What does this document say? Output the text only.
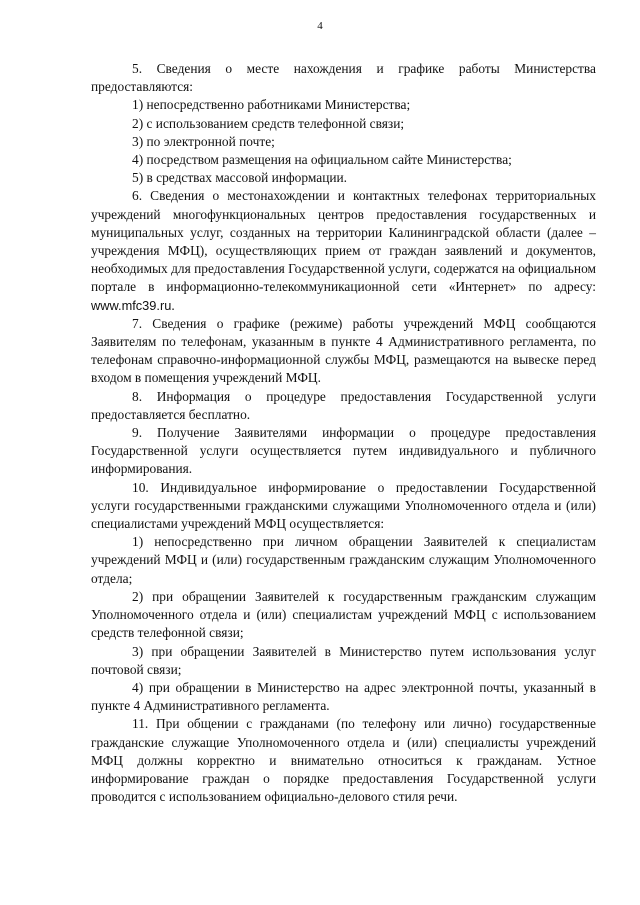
4

5. Сведения о месте нахождения и графике работы Министерства предоставляются:

1) непосредственно работниками Министерства;

2) с использованием средств телефонной связи;

3) по электронной почте;

4) посредством размещения на официальном сайте Министерства;

5) в средствах массовой информации.

6. Сведения о местонахождении и контактных телефонах территориальных учреждений многофункциональных центров предоставления государственных и муниципальных услуг, созданных на территории Калининградской области (далее – учреждения МФЦ), осуществляющих прием от граждан заявлений и документов, необходимых для предоставления Государственной услуги, содержатся на официальном портале в информационно-телекоммуникационной сети «Интернет» по адресу: www.mfc39.ru.

7. Сведения о графике (режиме) работы учреждений МФЦ сообщаются Заявителям по телефонам, указанным в пункте 4 Административного регламента, по телефонам справочно-информационной службы МФЦ, размещаются на вывеске перед входом в помещения учреждений МФЦ.

8. Информация о процедуре предоставления Государственной услуги предоставляется бесплатно.

9. Получение Заявителями информации о процедуре предоставления Государственной услуги осуществляется путем индивидуального и публичного информирования.

10. Индивидуальное информирование о предоставлении Государственной услуги государственными гражданскими служащими Уполномоченного отдела и (или) специалистами учреждений МФЦ осуществляется:

1) непосредственно при личном обращении Заявителей к специалистам учреждений МФЦ и (или) государственным гражданским служащим Уполномоченного отдела;

2) при обращении Заявителей к государственным гражданским служащим Уполномоченного отдела и (или) специалистам учреждений МФЦ с использованием средств телефонной связи;

3) при обращении Заявителей в Министерство путем использования услуг почтовой связи;

4) при обращении в Министерство на адрес электронной почты, указанный в пункте 4 Административного регламента.

11. При общении с гражданами (по телефону или лично) государственные гражданские служащие Уполномоченного отдела и (или) специалисты учреждений МФЦ должны корректно и внимательно относиться к гражданам. Устное информирование граждан о порядке предоставления Государственной услуги проводится с использованием официально-делового стиля речи.
